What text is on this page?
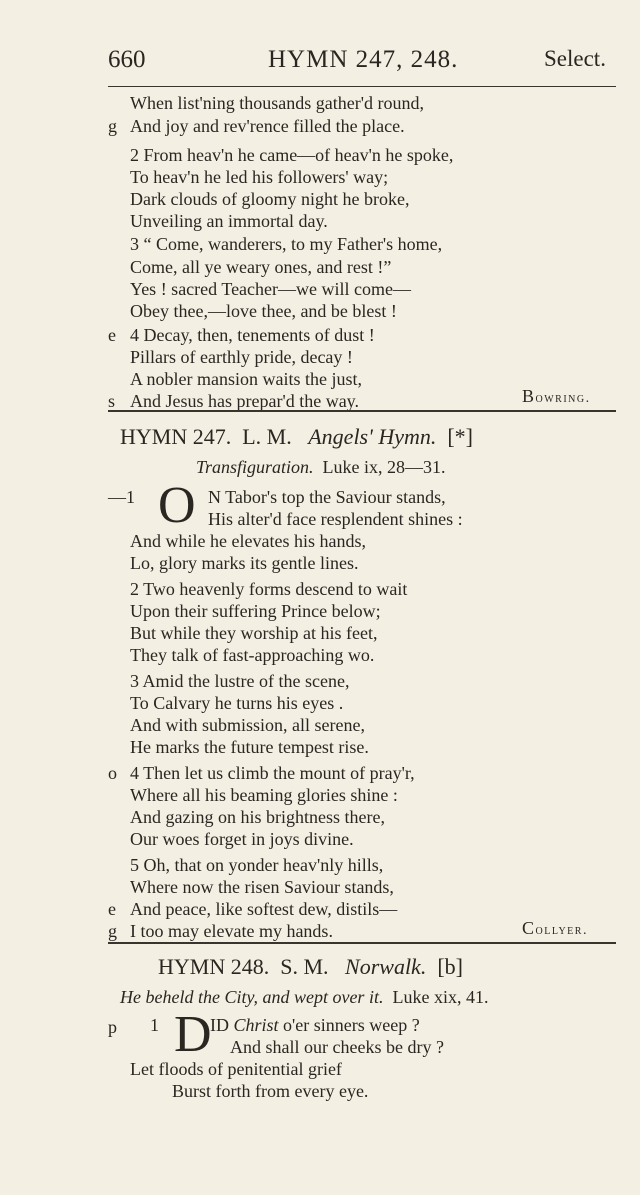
660	HYMN 247, 248.	Select.
When list'ning thousands gather'd round,
g And joy and rev'rence filled the place.
2 From heav'n he came—of heav'n he spoke,
To heav'n he led his followers' way;
Dark clouds of gloomy night he broke,
Unveiling an immortal day.
3 “ Come, wanderers, to my Father's home,
Come, all ye weary ones, and rest !”
Yes ! sacred Teacher—we will come—
Obey thee,—love thee, and be blest !
e 4 Decay, then, tenements of dust !
Pillars of earthly pride, decay !
A nobler mansion waits the just,
s And Jesus has prepar'd the way.	Bowring.
HYMN 247. L. M. Angels' Hymn. [*]
Transfiguration. Luke ix, 28—31.
—1 O N Tabor's top the Saviour stands,
His alter'd face resplendent shines :
And while he elevates his hands,
Lo, glory marks its gentle lines.
2 Two heavenly forms descend to wait
Upon their suffering Prince below;
But while they worship at his feet,
They talk of fast-approaching wo.
3 Amid the lustre of the scene,
To Calvary he turns his eyes .
And with submission, all serene,
He marks the future tempest rise.
o 4 Then let us climb the mount of pray'r,
Where all his beaming glories shine :
And gazing on his brightness there,
Our woes forget in joys divine.
5 Oh, that on yonder heav'nly hills,
Where now the risen Saviour stands,
e And peace, like softest dew, distils—
g I too may elevate my hands.	Collyer.
HYMN 248. S. M. Norwalk. [b]
He beheld the City, and wept over it. Luke xix, 41.
p 1 D
ID Christ o'er sinners weep ?
And shall our cheeks be dry ?
Let floods of penitential grief
Burst forth from every eye.
